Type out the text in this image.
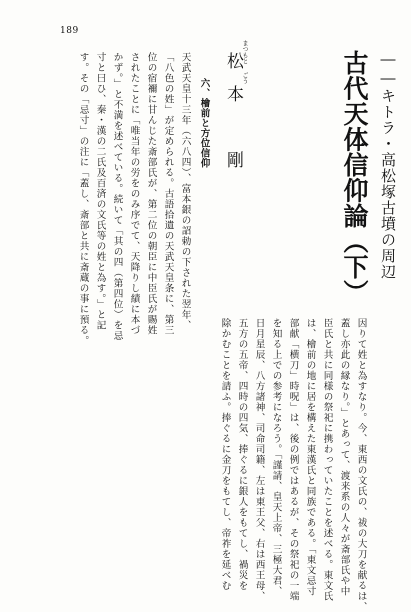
189
古代天体信仰論（下） ――キトラ・高松塚古墳の周辺
まつもと
ごう
松本　剛
六、檜前と方位信仰
天武天皇十三年（六八四）、富本銀の詔勅の下された翌年、
「八色の姓」が定められる。古語拾遺の天武天皇条に、第三
位の宿禰に甘んじた斎部氏が、第二位の朝臣に中臣氏が賜姓
されたことに「唯当年の労をのみ序でて、天降りし績に本づ
かず。」と不満を述べている。続いて「其の四（第四位）を忌
寸と曰ひ、秦・漢の二氏及百済の文氏等の姓と為す。」と記
す。その「忌寸」の注に「蓋し、斎部と共に斎蔵の事に預る。
因りて姓と為すなり。今、東西の文氏の、祓の大刀を献るは、
蓋し亦此の縁なり。」とあって、渡来系の人々が斎部氏や中
臣氏と共に同様の祭祀に携わっていたことを述べる。東文氏
は、檜前の地に居を構えた東漢氏と同族である。「東文忌寸
部献「横刀」時呪」は、後の例ではあるが、その祭祀の一端
を知る上での参考になろう。「謹請、皇天上帝、三極大君、
日月星辰、八方諸神、司命司籍、左は東王父、右は西王母、
五方の五帝、四時の四気、捧ぐるに銀人をもてし、禍災を
除かむことを請ふ。捧ぐるに金刀をもてし、帝祚を延べむ
